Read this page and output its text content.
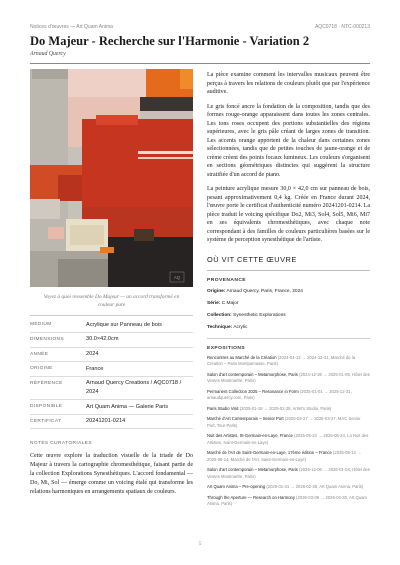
Notices d'œuvres — Art Quam Anima	AQC0718 · NTC-000213
Do Majeur - Recherche sur l'Harmonie - Variation 2
Arnaud Quercy
AQ
Voyez à quoi ressemble Do Majeur — un accord transformé en couleur pure
MÉDIUM	Acrylique sur Panneau de bois
DIMENSIONS	30.0×42.0cm
ANNÉE	2024
ORIGINE	France
RÉFÉRENCE	Arnaud Quercy Creations / AQC0718 / 2024
DISPONIBLE	Art Quam Anima — Galerie Paris
CERTIFICAT	20241201-0214
NOTES CURATORIALES
Cette œuvre explore la traduction visuelle de la triade de Do Majeur à travers la cartographie chromesthétique, faisant partie de la collection Explorations Synesthétiques. L'accord fondamental — Do, Mi, Sol — émerge comme un voicing étalé qui transforme les relations harmoniques en arrangements spatiaux de couleurs.

La pièce examine comment les intervalles musicaux peuvent être perçus à travers les relations de couleurs plutôt que par l'expérience auditive.

Le gris foncé ancre la fondation de la composition, tandis que des formes rouge-orange apparaissent dans toutes les zones centrales. Les tons roses occupent des portions substantielles des régions supérieures, avec le gris pâle créant de larges zones de transition. Les accents orange apportent de la chaleur dans certaines zones sélectionnées, tandis que de petites touches de jaune-orange et de crème créent des points focaux lumineux. Les couleurs s'organisent en sections géométriques distinctes qui suggèrent la structure stratifiée d'un accord de piano.

La peinture acrylique mesure 30,0 × 42,0 cm sur panneau de bois, pesant approximativement 0,4 kg. Créée en France durant 2024, l'œuvre porte le certificat d'authenticité numéro 20241201-0214. La pièce traduit le voicing spécifique Do2, Mi3, Sol4, Sol5, Mi6, Mi7 en ses équivalents chromesthétiques, avec chaque note correspondant à des familles de couleurs particulières basées sur le système de perception synesthétique de l'artiste.

OÙ VIT CETTE ŒUVRE
PROVENANCE
Origine: Arnaud Quercy, Paris, France, 2024
Série: C Major
Collection: Synesthetic Explorations
Technique: Acrylic
EXPOSITIONS
Rencontres au Marché de la Création (2024-04-13 → 2024-12-31, Marché de la Création – Paris Montparnasse, Paris)
Salon d'art contemporain – Metamorphose, Paris (2024-12-26 → 2025-01-05, Hôtel des Ventes Montmartre, Paris)
Permanent Collection 2025 – Resonance in Form (2025-01-01 → 2025-12-31, arnaudquercy.com, Paris)
Paris Studio Visit (2025-01-18 → 2025-02-28, Artist's Studio, Paris)
Marché d'Art Contemporain – Senior Port (2025-03-27 → 2025-03-27, MAC Senior Port, Tour-Parls)
Nuit des Artistes, St-Germain-en-Laye, France (2025-05-24 → 2025-05-24, La Nuit des Artistes, Saint-Germain-en-Laye)
Marché de l'Art de Saint-Germain-en-Laye, 17ème édition – France (2025-06-14 → 2025-06-14, Marché de l'Art, Saint-Germain-en-Laye)
Salon d'art contemporain – Metamorphose, Paris (2025-12-06 → 2026-01-04, Hôtel des Ventes Montmartre, Paris)
Art Quam Anima – Pre-opening (2026-01-31 → 2026-02-28, Art Quam Anima, Paris)
Through the Aperture — Research on Harmony (2026-03-09 → 2026-04-30, Art Quam Anima, Paris)
5
